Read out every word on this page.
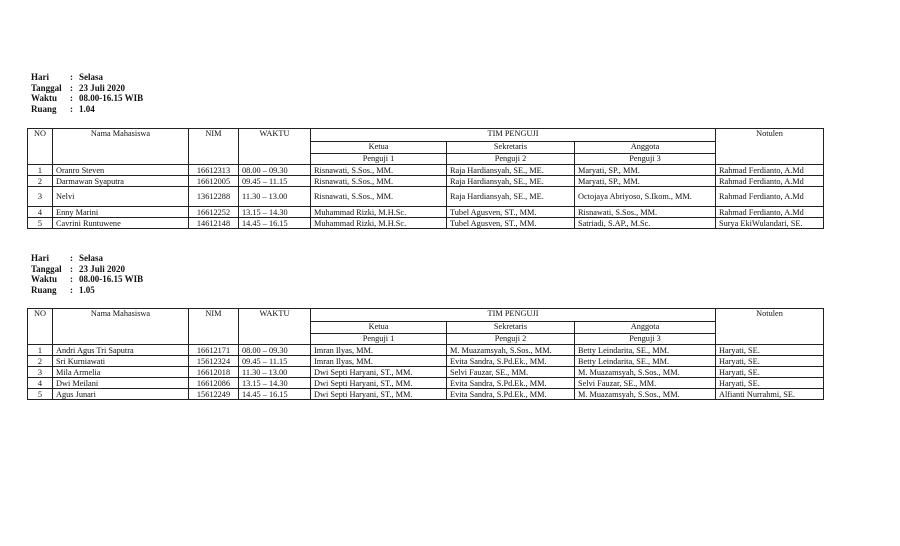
Hari : Selasa
Tanggal : 23 Juli 2020
Waktu : 08.00-16.15 WIB
Ruang : 1.04
NO	Nama Mahasiswa	NIM	WAKTU	TIM PENGUJI			Notulen
				Ketua	Sekretaris	Anggota	
				Penguji 1	Penguji 2	Penguji 3	
1	Oranro Steven	16612313	08.00 – 09.30	Risnawati, S.Sos., MM.	Raja Hardiansyah, SE., ME.	Maryati, SP., MM.	Rahmad Ferdianto, A.Md
2	Darmawan Syaputra	16612005	09.45 – 11.15	Risnawati, S.Sos., MM.	Raja Hardiansyah, SE., ME.	Maryati, SP., MM.	Rahmad Ferdianto, A.Md
3	Nelvi	13612288	11.30 – 13.00	Risnawati, S.Sos., MM.	Raja Hardiansyah, SE., ME.	Octojaya Abriyoso, S.Ikom., MM.	Rahmad Ferdianto, A.Md
4	Enny Marini	16612252	13.15 – 14.30	Muhammad Rizki, M.H.Sc.	Tubel Agusven, ST., MM.	Risnawati, S.Sos., MM.	Rahmad Ferdianto, A.Md
5	Cavrini Runtuwene	14612148	14.45 – 16.15	Muhammad Rizki, M.H.Sc.	Tubel Agusven, ST., MM.	Satriadi, S.AP., M.Sc.	Surya EkiWulandari, SE.
Hari : Selasa
Tanggal : 23 Juli 2020
Waktu : 08.00-16.15 WIB
Ruang : 1.05
NO	Nama Mahasiswa	NIM	WAKTU	TIM PENGUJI			Notulen
				Ketua	Sekretaris	Anggota	
				Penguji 1	Penguji 2	Penguji 3	
1	Andri Agus Tri Saputra	16612171	08.00 – 09.30	Imran Ilyas, MM.	M. Muazamsyah, S.Sos., MM.	Betty Leindarita, SE., MM.	Haryati, SE.
2	Sri Kurniawati	15612324	09.45 – 11.15	Imran Ilyas, MM.	Evita Sandra, S.Pd.Ek., MM.	Betty Leindarita, SE., MM.	Haryati, SE.
3	Mila Armelia	16612018	11.30 – 13.00	Dwi Septi Haryani, ST., MM.	Selvi Fauzar, SE., MM.	M. Muazamsyah, S.Sos., MM.	Haryati, SE.
4	Dwi Meilani	16612086	13.15 – 14.30	Dwi Septi Haryani, ST., MM.	Evita Sandra, S.Pd.Ek., MM.	Selvi Fauzar, SE., MM.	Haryati, SE.
5	Agus Junari	15612249	14.45 – 16.15	Dwi Septi Haryani, ST., MM.	Evita Sandra, S.Pd.Ek., MM.	M. Muazamsyah, S.Sos., MM.	Alfianti Nurrahmi, SE.
